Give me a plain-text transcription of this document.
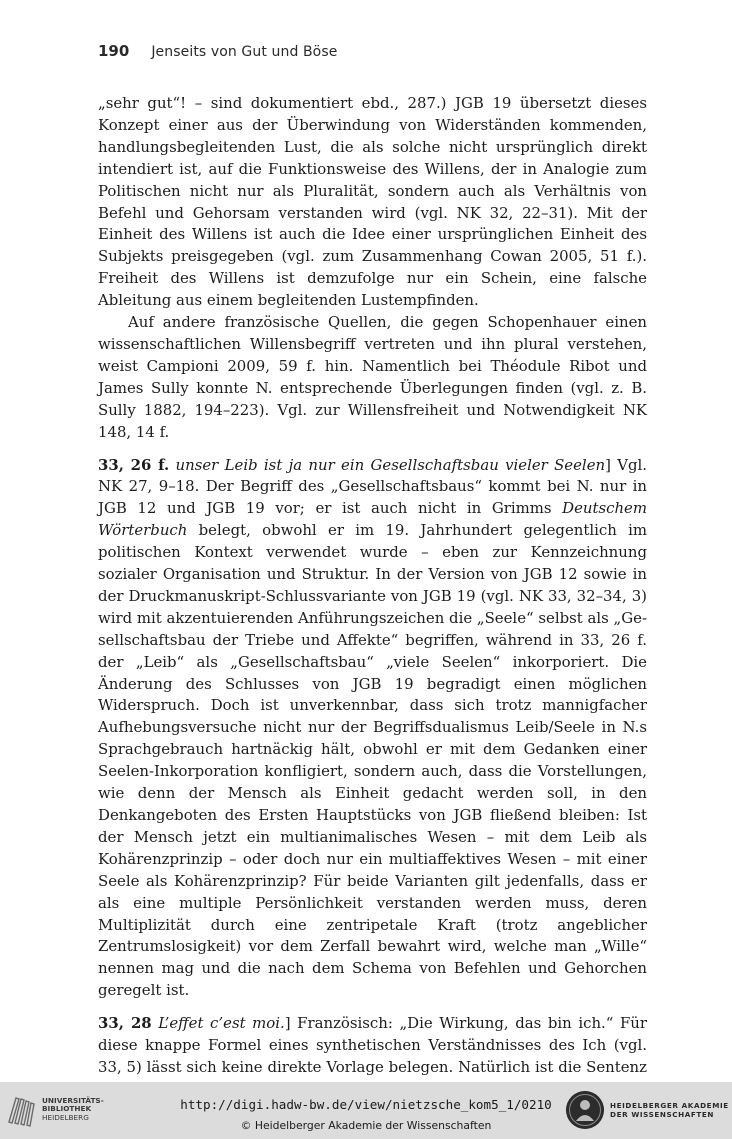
190 Jenseits von Gut und Böse

„sehr gut“! – sind dokumentiert ebd., 287.) JGB 19 übersetzt dieses Konzept einer aus der Überwindung von Widerständen kommenden, handlungsbegleitenden Lust, die als solche nicht ursprünglich direkt intendiert ist, auf die Funktionsweise des Willens, der in Analogie zum Politischen nicht nur als Pluralität, sondern auch als Verhältnis von Befehl und Gehorsam verstanden wird (vgl. NK 32, 22–31). Mit der Einheit des Willens ist auch die Idee einer ursprünglichen Einheit des Subjekts preisgegeben (vgl. zum Zusammenhang Cowan 2005, 51 f.). Freiheit des Willens ist demzufolge nur ein Schein, eine falsche Ableitung aus einem begleitenden Lustempfinden.

Auf andere französische Quellen, die gegen Schopenhauer einen wissenschaftlichen Willensbegriff vertreten und ihn plural verstehen, weist Campioni 2009, 59 f. hin. Namentlich bei Théodule Ribot und James Sully konnte N. entsprechende Überlegungen finden (vgl. z. B. Sully 1882, 194–223). Vgl. zur Willensfreiheit und Notwendigkeit NK 148, 14 f.

33, 26 f. unser Leib ist ja nur ein Gesellschaftsbau vieler Seelen] Vgl. NK 27, 9–18. Der Begriff des „Gesellschaftsbaus“ kommt bei N. nur in JGB 12 und JGB 19 vor; er ist auch nicht in Grimms Deutschem Wörterbuch belegt, obwohl er im 19. Jahrhundert gelegentlich im politischen Kontext verwendet wurde – eben zur Kennzeichnung sozialer Organisation und Struktur. In der Version von JGB 12 sowie in der Druckmanuskript-Schlussvariante von JGB 19 (vgl. NK 33, 32–34, 3) wird mit akzentuierenden Anführungszeichen die „Seele“ selbst als „Gesellschaftsbau der Triebe und Affekte“ begriffen, während in 33, 26 f. der „Leib“ als „Gesellschaftsbau“ „viele Seelen“ inkorporiert. Die Änderung des Schlusses von JGB 19 begradigt einen möglichen Widerspruch. Doch ist unverkennbar, dass sich trotz mannigfacher Aufhebungsversuche nicht nur der Begriffsdualismus Leib/Seele in N.s Sprachgebrauch hartnäckig hält, obwohl er mit dem Gedanken einer Seelen-Inkorporation konfligiert, sondern auch, dass die Vorstellungen, wie denn der Mensch als Einheit gedacht werden soll, in den Denkangeboten des Ersten Hauptstücks von JGB fließend bleiben: Ist der Mensch jetzt ein multianimalisches Wesen – mit dem Leib als Kohärenzprinzip – oder doch nur ein multiaffektives Wesen – mit einer Seele als Kohärenzprinzip? Für beide Varianten gilt jedenfalls, dass er als eine multiple Persönlichkeit verstanden werden muss, deren Multiplizität durch eine zentripetale Kraft (trotz angeblicher Zentrumslosigkeit) vor dem Zerfall bewahrt wird, welche man „Wille“ nennen mag und die nach dem Schema von Befehlen und Gehorchen geregelt ist.

33, 28 L’effet c’est moi.] Französisch: „Die Wirkung, das bin ich.“ Für diese knappe Formel eines synthetischen Verständnisses des Ich (vgl. 33, 5) lässt sich keine direkte Vorlage belegen. Natürlich ist die Sentenz

UNIVERSITÄTS-
BIBLIOTHEK
HEIDELBERG
http://digi.hadw-bw.de/view/nietzsche_kom5_1/0210
© Heidelberger Akademie der Wissenschaften
HEIDELBERGER AKADEMIE
DER WISSENSCHAFTEN
